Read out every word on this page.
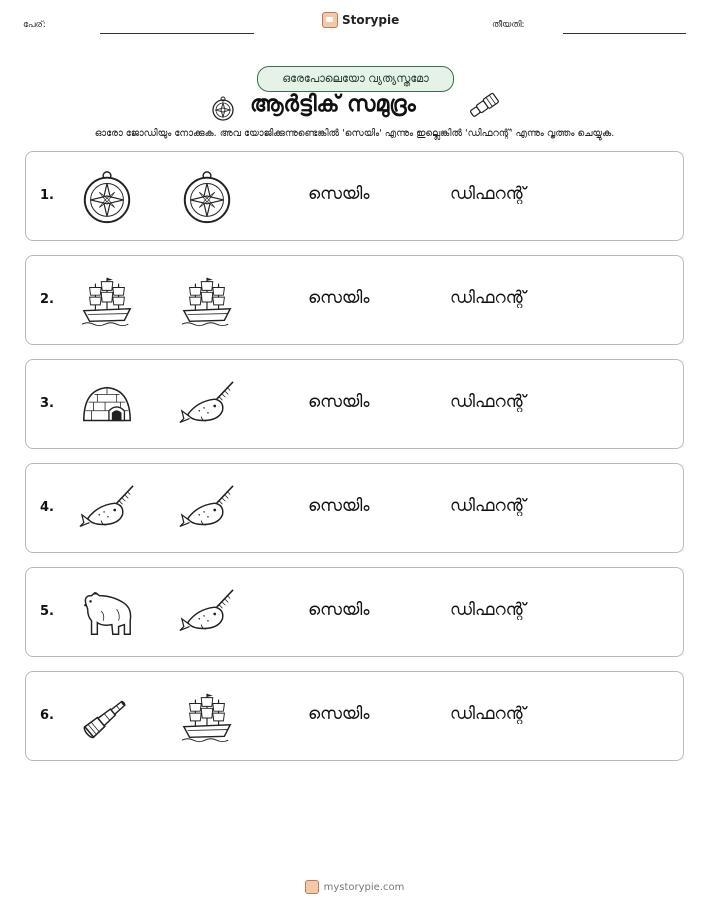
പേര്:	Storypie	തീയതി:
ഒരേപോലെയോ വ്യത്യസ്തമോ
ആർട്ടിക് സമുദ്രം
ഓരോ ജോഡിയും നോക്കുക. അവ യോജിക്കുന്നുണ്ടെങ്കിൽ 'സെയിം' എന്നും ഇല്ലെങ്കിൽ 'ഡിഫറന്റ്' എന്നും വൃത്തം ചെയ്യുക.
1.	സെയിം	ഡിഫറന്റ്
2.	സെയിം	ഡിഫറന്റ്
3.	സെയിം	ഡിഫറന്റ്
4.	സെയിം	ഡിഫറന്റ്
5.	സെയിം	ഡിഫറന്റ്
6.	സെയിം	ഡിഫറന്റ്
mystorypie.com
